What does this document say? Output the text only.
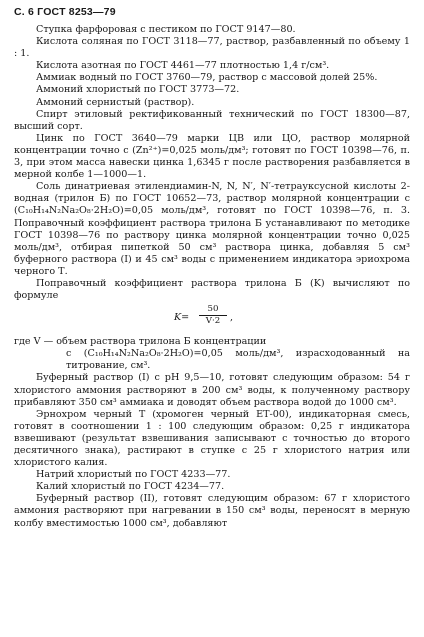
С. 6 ГОСТ 8253—79

Ступка фарфоровая с пестиком по ГОСТ 9147—80.

Кислота соляная по ГОСТ 3118—77, раствор, разбавленный по объему 1 : 1.

Кислота азотная по ГОСТ 4461—77 плотностью 1,4 г/см³.

Аммиак водный по ГОСТ 3760—79, раствор с массовой долей 25%.

Аммоний хлористый по ГОСТ 3773—72.

Аммоний сернистый (раствор).

Спирт этиловый ректификованный технический по ГОСТ 18300—87, высший сорт.

Цинк по ГОСТ 3640—79 марки ЦВ или ЦО, раствор молярной концентрации точно c (Zn²⁺)=0,025 моль/дм³; готовят по ГОСТ 10398—76, п. 3, при этом масса навески цинка 1,6345 г после растворения разбавляется в мерной колбе 1—1000—1.

Соль динатриевая этилендиамин-N, N, N′, N′-тетрауксусной кислоты 2-водная (трилон Б) по ГОСТ 10652—73, раствор молярной концентрации c (C₁₀H₁₄N₂Na₂O₈·2H₂O)=0,05 моль/дм³, готовят по ГОСТ 10398—76, п. 3. Поправочный коэффициент раствора трилона Б устанавливают по методике ГОСТ 10398—76 по раствору цинка молярной концентрации точно 0,025 моль/дм³, отбирая пипеткой 50 см³ раствора цинка, добавляя 5 см³ буферного раствора (I) и 45 см³ воды с применением индикатора эриохрома черного Т.

Поправочный коэффициент раствора трилона Б (K) вычисляют по формуле

$K= \frac{50}{V\cdot 2}$ ,

где V — объем раствора трилона Б концентрации
c (C₁₀H₁₄N₂Na₂O₈·2H₂O)=0,05 моль/дм³, израсходованный на титрование, см³.

Буферный раствор (I) с pH 9,5—10, готовят следующим образом: 54 г хлористого аммония растворяют в 200 см³ воды, к полученному раствору прибавляют 350 см³ аммиака и доводят объем раствора водой до 1000 см³.

Эрнохром черный Т (хромоген черный ЕТ-00), индикаторная смесь, готовят в соотношении 1 : 100 следующим образом: 0,25 г индикатора взвешивают (результат взвешивания записывают с точностью до второго десятичного знака), растирают в ступке с 25 г хлористого натрия или хлористого калия.

Натрий хлористый по ГОСТ 4233—77.

Калий хлористый по ГОСТ 4234—77.

Буферный раствор (II), готовят следующим образом: 67 г хлористого аммония растворяют при нагревании в 150 см³ воды, переносят в мерную колбу вместимостью 1000 см³, добавляют
